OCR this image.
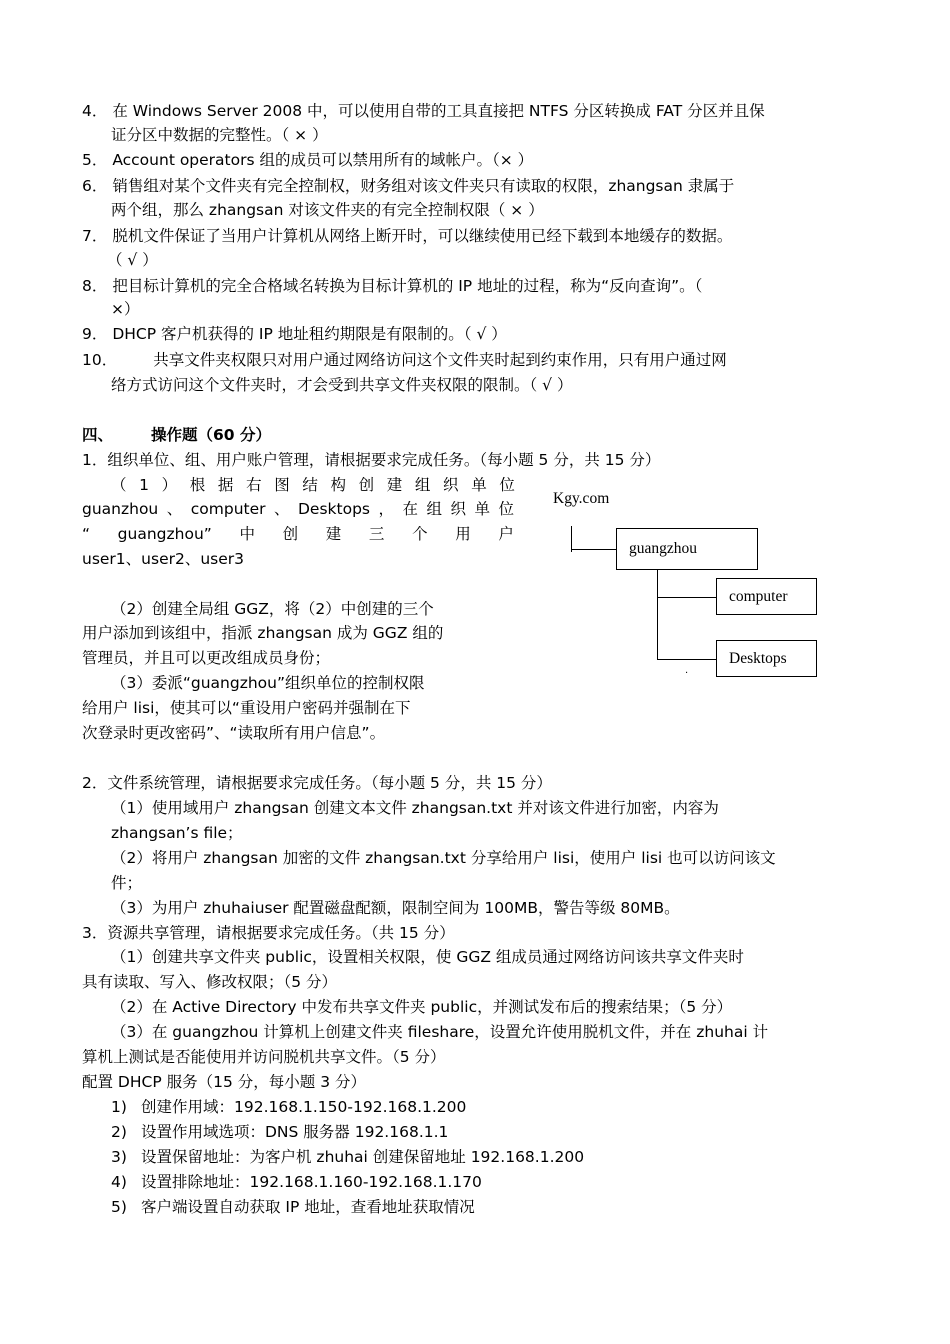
4． 在 Windows Server 2008 中，可以使用自带的工具直接把 NTFS 分区转换成 FAT 分区并且保
证分区中数据的完整性。（ × ）
5． Account operators 组的成员可以禁用所有的域帐户。（× ）
6． 销售组对某个文件夹有完全控制权，财务组对该文件夹只有读取的权限，zhangsan 隶属于
两个组，那么 zhangsan 对该文件夹的有完全控制权限（ × ）
7． 脱机文件保证了当用户计算机从网络上断开时，可以继续使用已经下载到本地缓存的数据。
（ √ ）
8． 把目标计算机的完全合格域名转换为目标计算机的 IP 地址的过程，称为“反向查询”。（
×）
9． DHCP 客户机获得的 IP 地址租约期限是有限制的。（ √ ）
10． 共享文件夹权限只对用户通过网络访问这个文件夹时起到约束作用，只有用户通过网
络方式访问这个文件夹时，才会受到共享文件夹权限的限制。（ √ ）
四、 操作题（60 分）
1．组织单位、组、用户账户管理，请根据要求完成任务。（每小题 5 分，共 15 分）
（ 1 ） 根 据 右 图 结 构 创 建 组 织 单 位
guanzhou 、 computer 、 Desktops ， 在 组 织 单 位
“ guangzhou” 中 创 建 三 个 用 户
user1、user2、user3
（2）创建全局组 GGZ，将（2）中创建的三个
用户添加到该组中，指派 zhangsan 成为 GGZ 组的
管理员，并且可以更改组成员身份；
（3）委派“guangzhou”组织单位的控制权限
给用户 lisi，使其可以“重设用户密码并强制在下
次登录时更改密码”、“读取所有用户信息”。
Kgy.com
guangzhou
computer
Desktops
.
2．文件系统管理，请根据要求完成任务。（每小题 5 分，共 15 分）
（1）使用域用户 zhangsan 创建文本文件 zhangsan.txt 并对该文件进行加密，内容为
zhangsan’s file；
（2）将用户 zhangsan 加密的文件 zhangsan.txt 分享给用户 lisi，使用户 lisi 也可以访问该文
件；
（3）为用户 zhuhaiuser 配置磁盘配额，限制空间为 100MB，警告等级 80MB。
3．资源共享管理，请根据要求完成任务。（共 15 分）
（1）创建共享文件夹 public，设置相关权限，使 GGZ 组成员通过网络访问该共享文件夹时
具有读取、写入、修改权限；（5 分）
（2）在 Active Directory 中发布共享文件夹 public，并测试发布后的搜索结果；（5 分）
（3）在 guangzhou 计算机上创建文件夹 fileshare，设置允许使用脱机文件，并在 zhuhai 计
算机上测试是否能使用并访问脱机共享文件。（5 分）
配置 DHCP 服务（15 分，每小题 3 分）
1) 创建作用域：192.168.1.150-192.168.1.200
2) 设置作用域选项：DNS 服务器 192.168.1.1
3) 设置保留地址：为客户机 zhuhai 创建保留地址 192.168.1.200
4) 设置排除地址：192.168.1.160-192.168.1.170
5) 客户端设置自动获取 IP 地址，查看地址获取情况
